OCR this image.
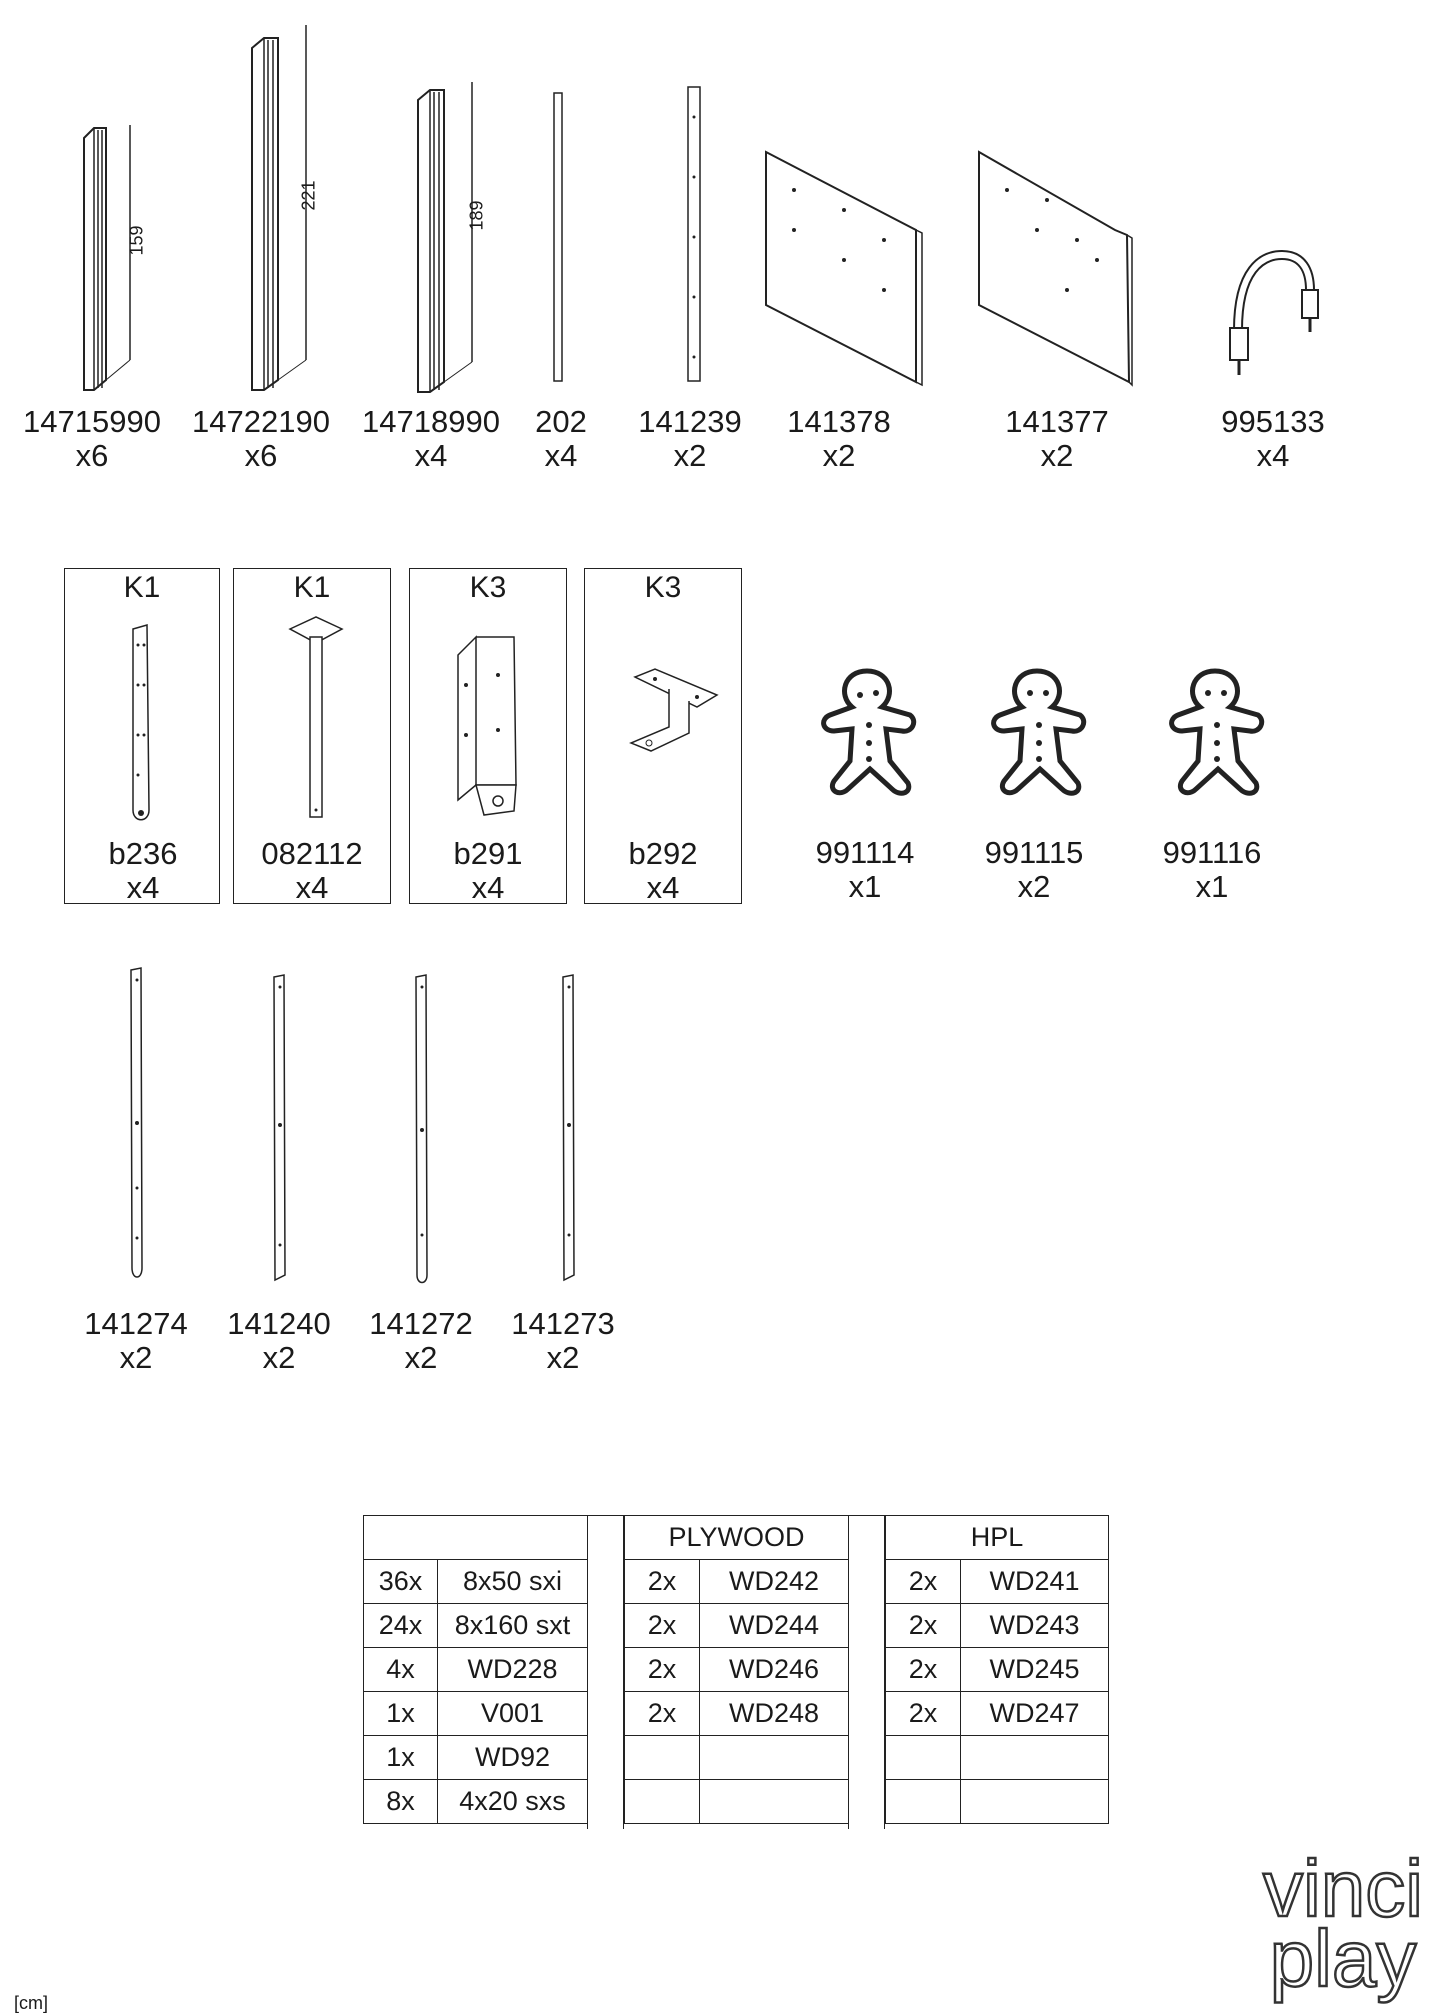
159
221
189
14715990
x6
14722190
x6
14718990
x4
202
x4
141239
x2
141378
x2
141377
x2
995133
x4
K1
b236
x4
K1
082112
x4
K3
b291
x4
K3
b292
x4
991114
x1
991115
x2
991116
x1
141274
x2
141240
x2
141272
x2
141273
x2

36x	8x50 sxi
24x	8x160 sxt
4x	WD228
1x	V001
1x	WD92
8x	4x20 sxs
PLYWOOD	
2x	WD242
2x	WD244
2x	WD246
2x	WD248

HPL	
2x	WD241
2x	WD243
2x	WD245
2x	WD247

vinci
play
[cm]
